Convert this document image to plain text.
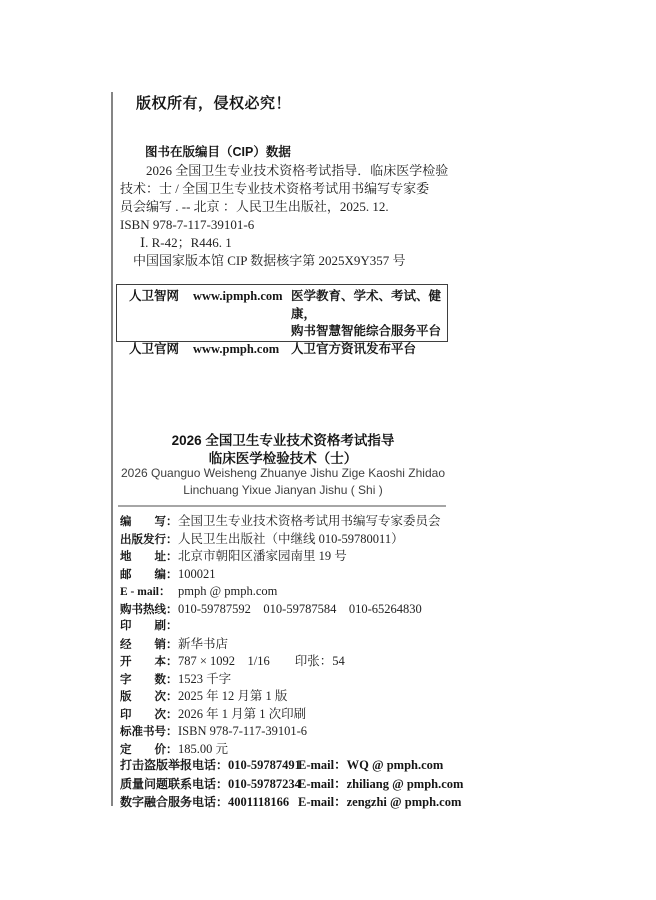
版权所有，侵权必究！
图书在版编目（CIP）数据
2026 全国卫生专业技术资格考试指导．临床医学检验
技术：士 / 全国卫生专业技术资格考试用书编写专家委
员会编写 . -- 北京 ：人民卫生出版社，2025. 12.
ISBN 978-7-117-39101-6
Ⅰ. R-42；R446. 1
中国国家版本馆 CIP 数据核字第 2025X9Y357 号
人卫智网	www.ipmph.com 医学教育、学术、考试、健康，
购书智慧智能综合服务平台
人卫官网	www.pmph.com 人卫官方资讯发布平台
2026 全国卫生专业技术资格考试指导
临床医学检验技术（士）
2026 Quanguo Weisheng Zhuanye Jishu Zige Kaoshi Zhidao
Linchuang Yixue Jianyan Jishu ( Shi )
编　　写： 全国卫生专业技术资格考试用书编写专家委员会
出版发行： 人民卫生出版社（中继线 010-59780011）
地　　址： 北京市朝阳区潘家园南里 19 号
邮　　编： 100021
E - mail： pmph @ pmph.com
购书热线： 010-59787592　010-59787584　010-65264830
印　　刷：
经　　销： 新华书店
开　　本： 787 × 1092　1/16　　印张：54
字　　数： 1523 千字
版　　次： 2025 年 12 月第 1 版
印　　次： 2026 年 1 月第 1 次印刷
标准书号： ISBN 978-7-117-39101-6
定　　价： 185.00 元
打击盗版举报电话： 010-59787491
E-mail：WQ @ pmph.com
质量问题联系电话： 010-59787234
E-mail：zhiliang @ pmph.com
数字融合服务电话： 4001118166 E-mail：zengzhi @ pmph.com
